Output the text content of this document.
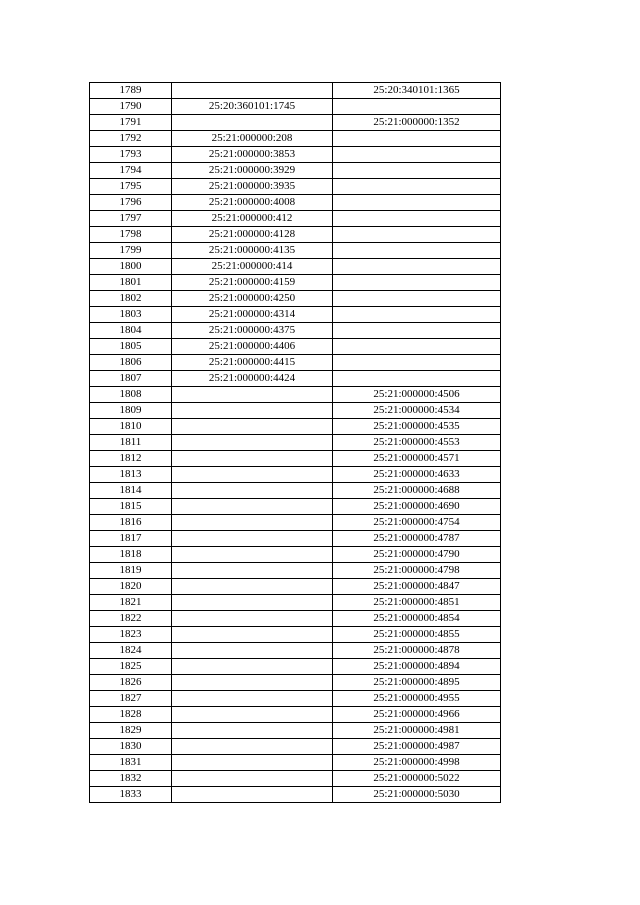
1789		25:20:340101:1365
1790	25:20:360101:1745	
1791		25:21:000000:1352
1792	25:21:000000:208	
1793	25:21:000000:3853	
1794	25:21:000000:3929	
1795	25:21:000000:3935	
1796	25:21:000000:4008	
1797	25:21:000000:412	
1798	25:21:000000:4128	
1799	25:21:000000:4135	
1800	25:21:000000:414	
1801	25:21:000000:4159	
1802	25:21:000000:4250	
1803	25:21:000000:4314	
1804	25:21:000000:4375	
1805	25:21:000000:4406	
1806	25:21:000000:4415	
1807	25:21:000000:4424	
1808		25:21:000000:4506
1809		25:21:000000:4534
1810		25:21:000000:4535
1811		25:21:000000:4553
1812		25:21:000000:4571
1813		25:21:000000:4633
1814		25:21:000000:4688
1815		25:21:000000:4690
1816		25:21:000000:4754
1817		25:21:000000:4787
1818		25:21:000000:4790
1819		25:21:000000:4798
1820		25:21:000000:4847
1821		25:21:000000:4851
1822		25:21:000000:4854
1823		25:21:000000:4855
1824		25:21:000000:4878
1825		25:21:000000:4894
1826		25:21:000000:4895
1827		25:21:000000:4955
1828		25:21:000000:4966
1829		25:21:000000:4981
1830		25:21:000000:4987
1831		25:21:000000:4998
1832		25:21:000000:5022
1833		25:21:000000:5030
